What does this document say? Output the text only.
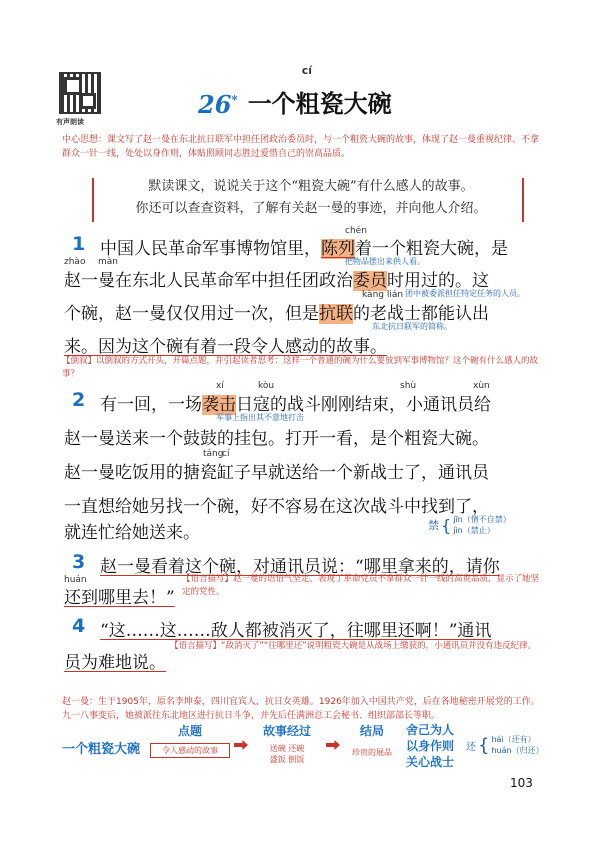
有声朗读
26*
cí
一个粗瓷大碗
中心思想：课文写了赵一曼在东北抗日联军中担任团政治委员时，与一个粗瓷大碗的故事，体现了赵一曼重视纪律、不拿群众一针一线，处处以身作则，体贴照顾同志胜过爱惜自己的崇高品质。
默读课文，说说关于这个“粗瓷大碗”有什么感人的故事。
你还可以查查资料，了解有关赵一曼的事迹，并向他人介绍。
1
chén
中国人民革命军事博物馆里，陈列着一个粗瓷大碗，是
把物品摆出来供人看。
zhào màn
赵一曼在东北人民革命军中担任团政治委员时用过的。这
kàng lián 团中被委派担任特定任务的人员。
个碗，赵一曼仅仅用过一次，但是抗联的老战士都能认出
东北抗日联军的简称。
来。因为这个碗有着一段令人感动的故事。
【倒叙】以倒叙的方式开头，开篇点题，并引起读者思考：这样一个普通的碗为什么要放到军事博物馆？这个碗有什么感人的故事？
xí	kòu	shù	xùn
2 有一回，一场袭击日寇的战斗刚刚结束，小通讯员给
军事上指出其不意地打击
赵一曼送来一个鼓鼓的挂包。打开一看，是个粗瓷大碗。
táng
cí
赵一曼吃饭用的搪瓷缸子早就送给一个新战士了，通讯员
一直想给她另找一个碗，好不容易在这次战斗中找到了，
就连忙给她送来。	禁 { jīn（情不自禁）
jìn（禁止）
3 赵一曼看着这个碗，对通讯员说：“哪里拿来的，请你
huán
还到哪里去！”
【语言描写】赵一曼的语语气坚定，表现了革命党员不拿群众一针一线的高贵品质，显示了她坚定的党性。
4 “这……这……敌人都被消灭了，往哪里还啊！”通讯
员为难地说。
【语言描写】“敌消灭了”“往哪里还”说明粗瓷大碗是从战场上缴获的，小通讯员并没有违反纪律。
赵一曼：生于1905年，原名李坤泰，四川宜宾人，抗日女英雄。1926年加入中国共产党，后在各地秘密开展党的工作。九一八事变后，她被派往东北地区进行抗日斗争，并先后任满洲总工会秘书、组织部部长等职。
一个粗瓷大碗
点题
令人感动的故事
故事经过
送碗 还碗
盛饭 倒饭
结局
珍贵的展品
舍己为人以身作则关心战士
还 { hái（还有）
huán（归还）
103
